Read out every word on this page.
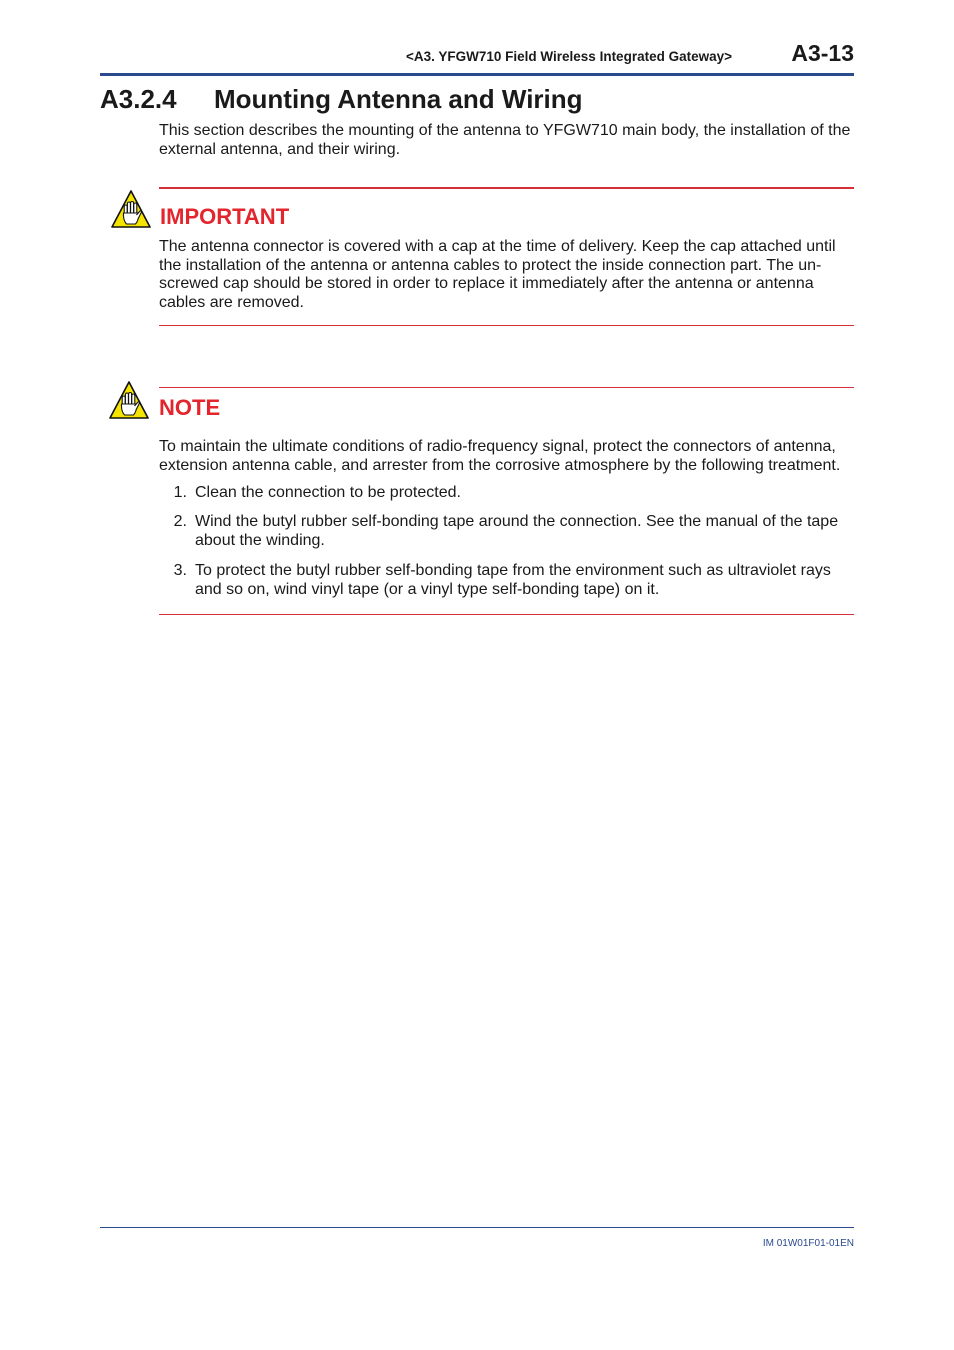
<A3. YFGW710 Field Wireless Integrated Gateway>	A3-13
A3.2.4 Mounting Antenna and Wiring
This section describes the mounting of the antenna to YFGW710 main body, the installation of the external antenna, and their wiring.
IMPORTANT
The antenna connector is covered with a cap at the time of delivery. Keep the cap attached until
the installation of the antenna or antenna cables to protect the inside connection part. The un-
screwed cap should be stored in order to replace it immediately after the antenna or antenna
cables are removed.
NOTE
To maintain the ultimate conditions of radio-frequency signal, protect the connectors of antenna,
extension antenna cable, and arrester from the corrosive atmosphere by the following treatment.
1. Clean the connection to be protected.
2. Wind the butyl rubber self-bonding tape around the connection. See the manual of the tape
about the winding.
3. To protect the butyl rubber self-bonding tape from the environment such as ultraviolet rays
and so on, wind vinyl tape (or a vinyl type self-bonding tape) on it.
IM 01W01F01-01EN
